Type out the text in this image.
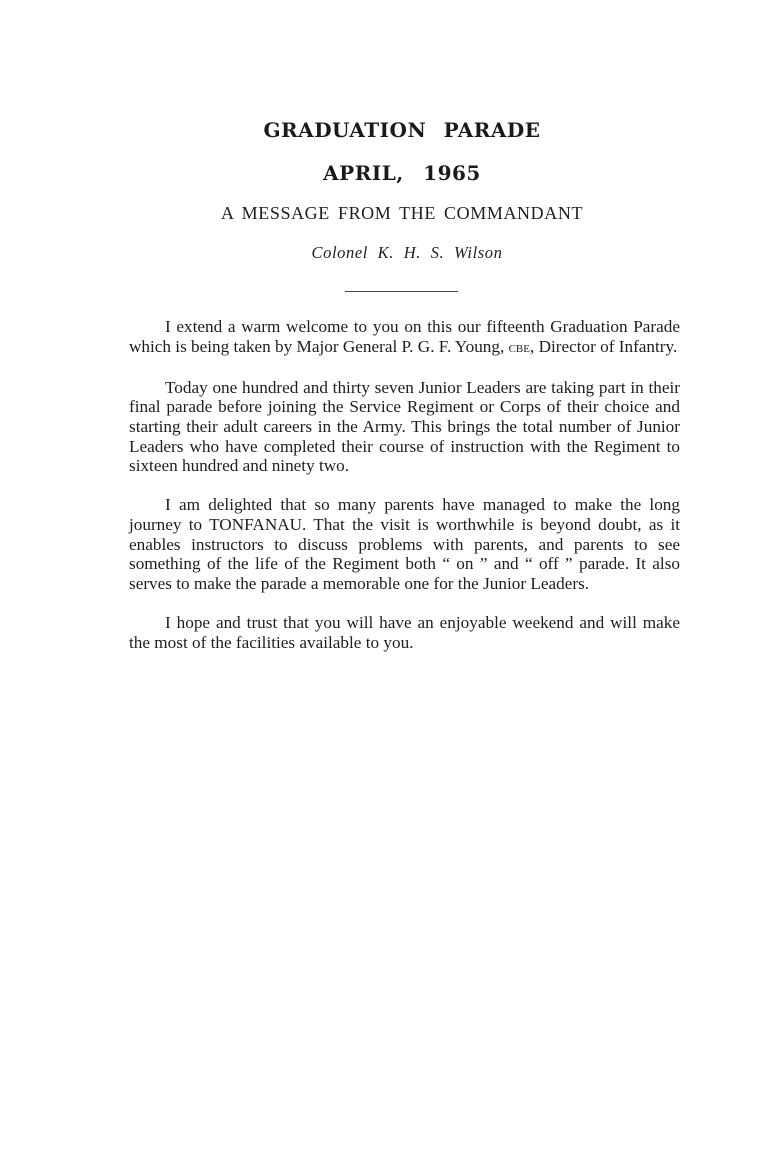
GRADUATION PARADE
APRIL, 1965
A MESSAGE FROM THE COMMANDANT
Colonel K. H. S. Wilson

I extend a warm welcome to you on this our fifteenth Graduation Parade which is being taken by Major General P. G. F. Young, cbe, Director of Infantry.

Today one hundred and thirty seven Junior Leaders are taking part in their final parade before joining the Service Regiment or Corps of their choice and starting their adult careers in the Army. This brings the total number of Junior Leaders who have completed their course of instruction with the Regiment to sixteen hundred and ninety two.

I am delighted that so many parents have managed to make the long journey to TONFANAU. That the visit is worthwhile is beyond doubt, as it enables instructors to discuss problems with parents, and parents to see something of the life of the Regiment both “ on ” and “ off ” parade. It also serves to make the parade a memorable one for the Junior Leaders.

I hope and trust that you will have an enjoyable weekend and will make the most of the facilities available to you.
